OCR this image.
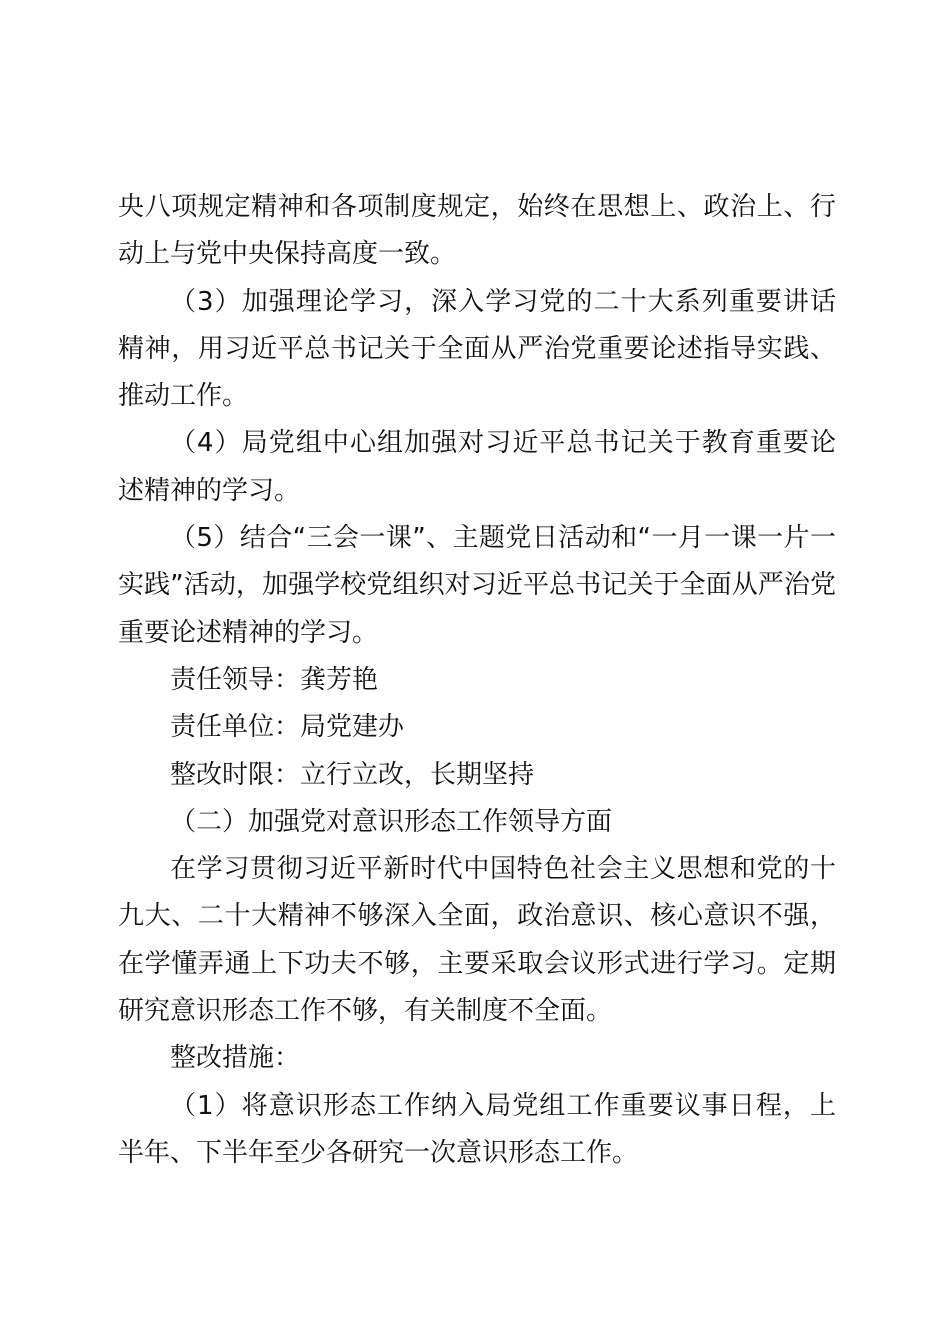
央八项规定精神和各项制度规定，始终在思想上、政治上、行动上与党中央保持高度一致。

（3）加强理论学习，深入学习党的二十大系列重要讲话精神，用习近平总书记关于全面从严治党重要论述指导实践、推动工作。

（4）局党组中心组加强对习近平总书记关于教育重要论述精神的学习。

（5）结合“三会一课”、主题党日活动和“一月一课一片一实践”活动，加强学校党组织对习近平总书记关于全面从严治党重要论述精神的学习。

责任领导：龚芳艳

责任单位：局党建办

整改时限：立行立改，长期坚持

（二）加强党对意识形态工作领导方面

在学习贯彻习近平新时代中国特色社会主义思想和党的十九大、二十大精神不够深入全面，政治意识、核心意识不强，在学懂弄通上下功夫不够，主要采取会议形式进行学习。定期研究意识形态工作不够，有关制度不全面。

整改措施：

（1）将意识形态工作纳入局党组工作重要议事日程，上半年、下半年至少各研究一次意识形态工作。
